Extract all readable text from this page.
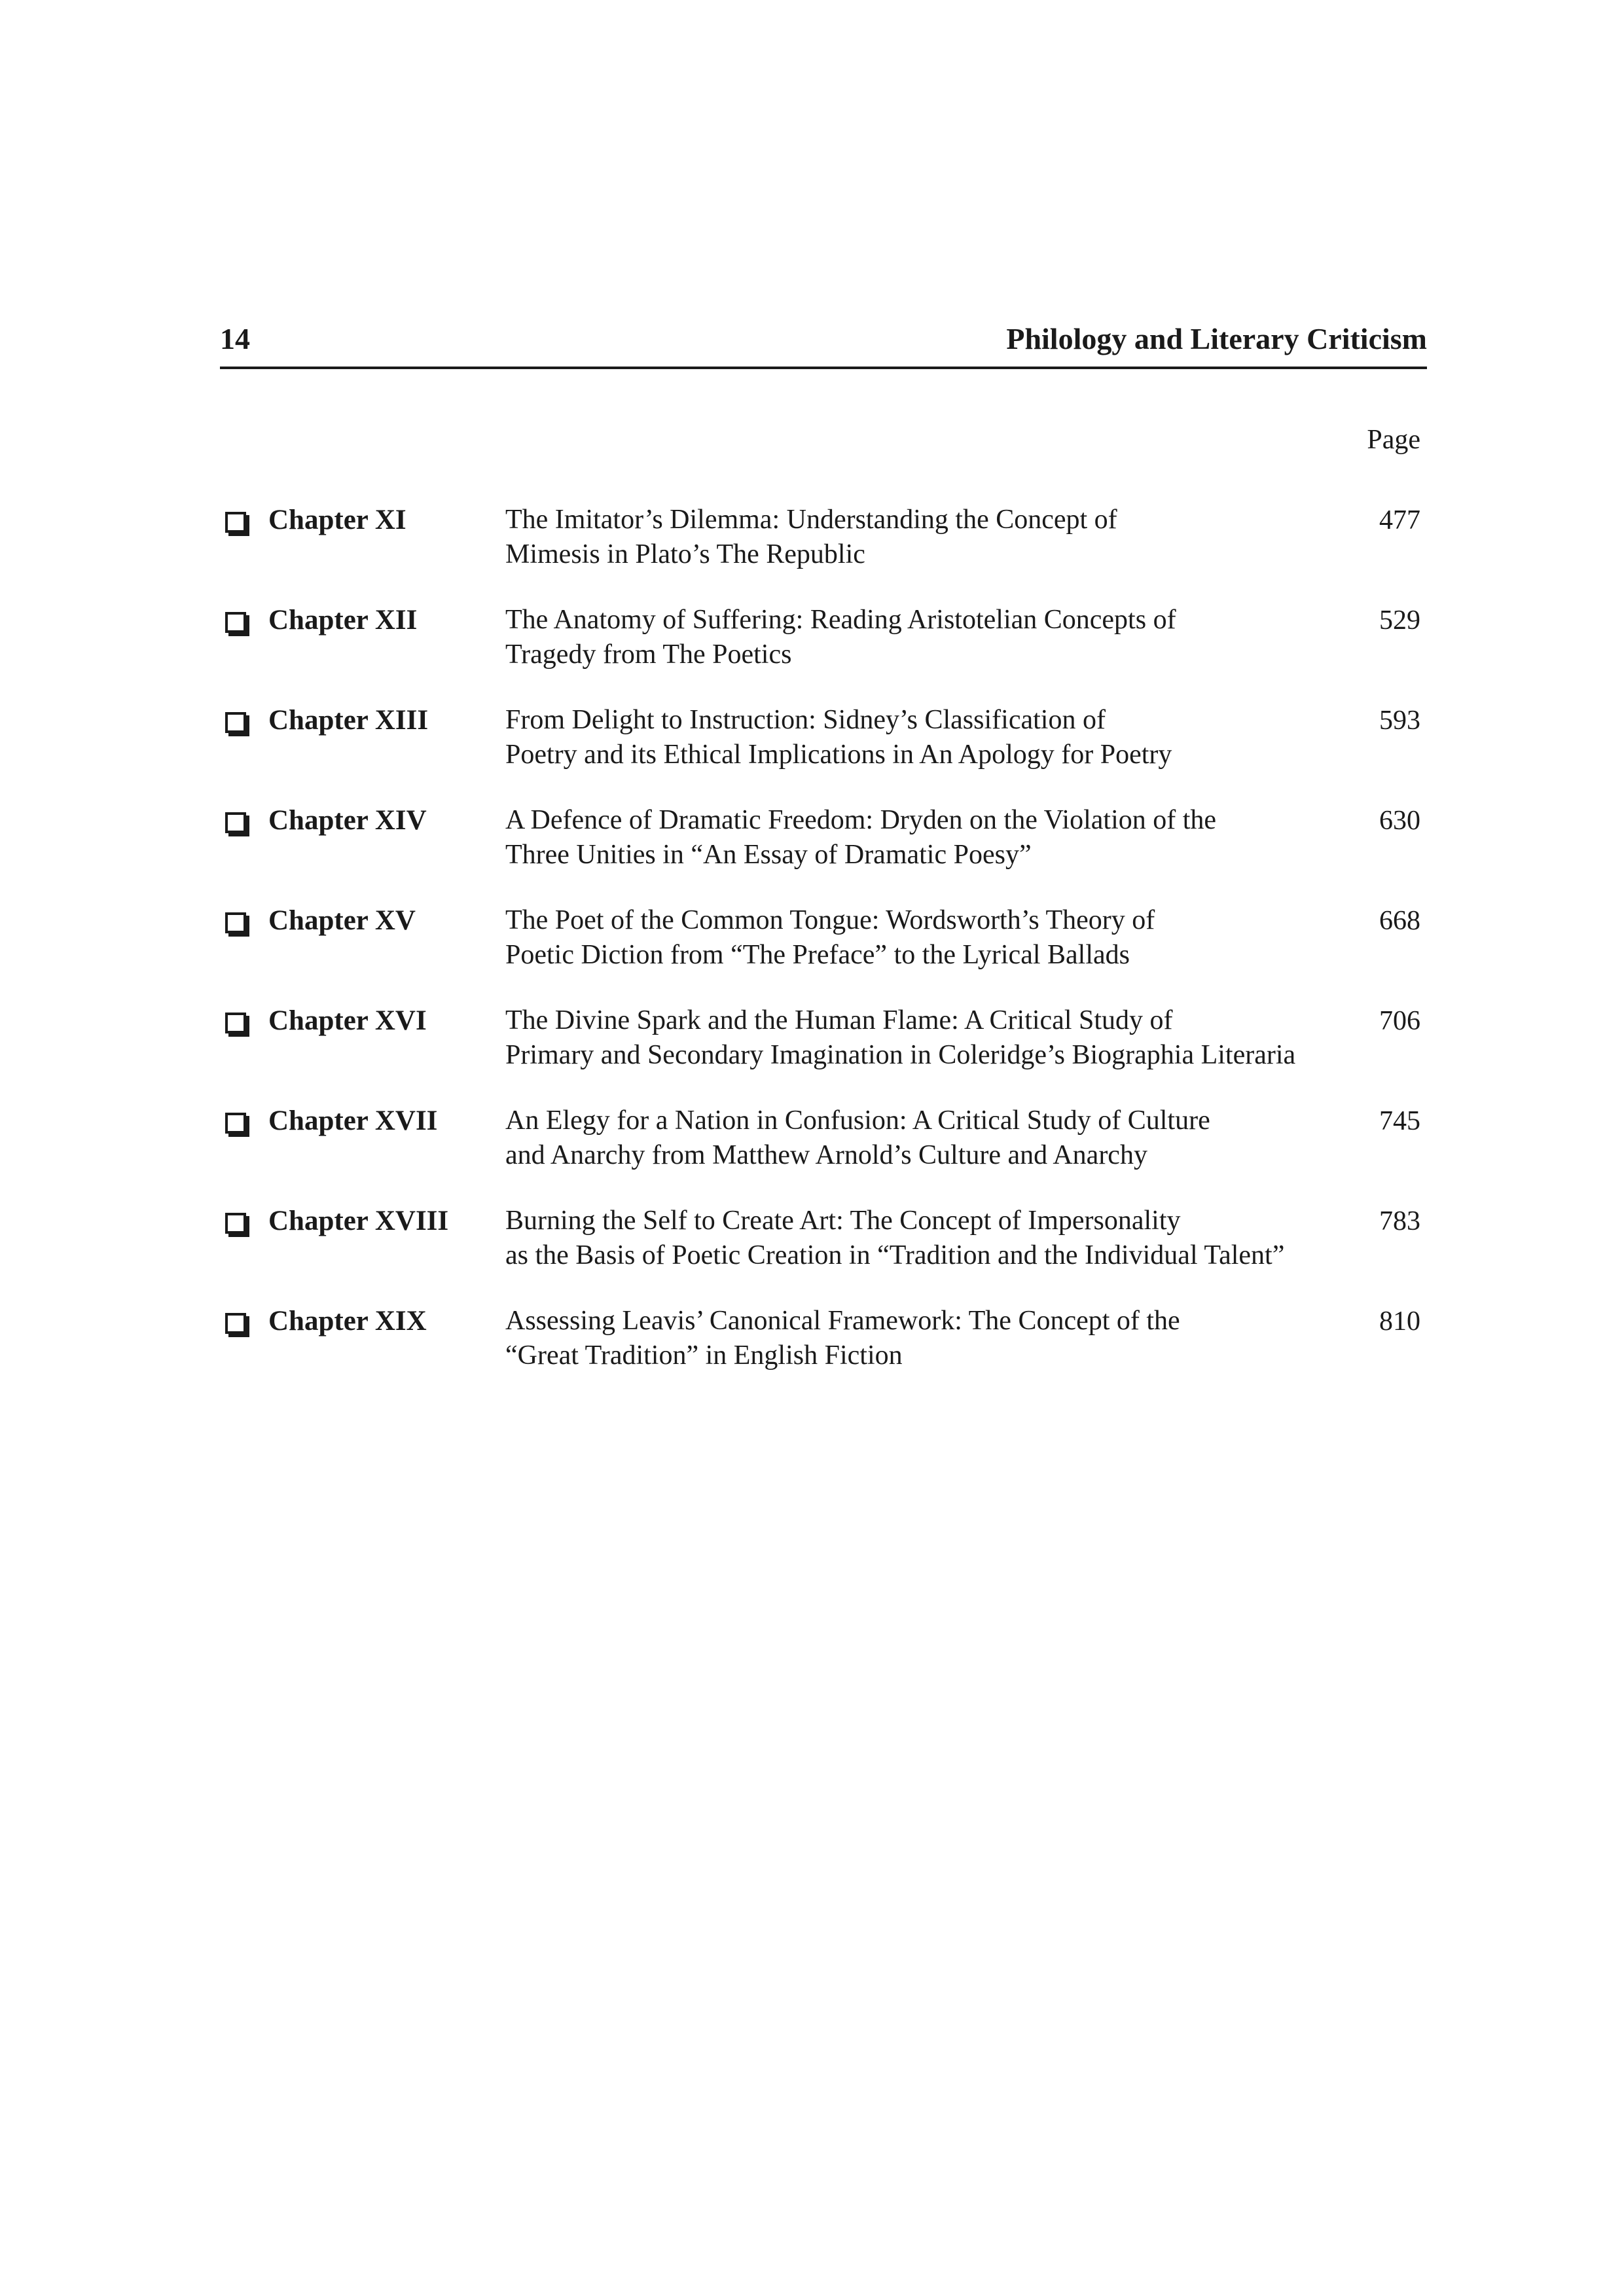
14	Philology and Literary Criticism
Page
Chapter XI	The Imitator’s Dilemma: Understanding the Concept of
Mimesis in Plato’s The Republic
477
Chapter XII	The Anatomy of Suffering: Reading Aristotelian Concepts of
Tragedy from The Poetics
529
Chapter XIII	From Delight to Instruction: Sidney’s Classification of
Poetry and its Ethical Implications in An Apology for Poetry
593
Chapter XIV	A Defence of Dramatic Freedom: Dryden on the Violation of the
Three Unities in “An Essay of Dramatic Poesy”
630
Chapter XV	The Poet of the Common Tongue: Wordsworth’s Theory of
Poetic Diction from “The Preface” to the Lyrical Ballads
668
Chapter XVI	The Divine Spark and the Human Flame: A Critical Study of
Primary and Secondary Imagination in Coleridge’s Biographia Literaria
706
Chapter XVII An Elegy for a Nation in Confusion: A Critical Study of Culture
and Anarchy from Matthew Arnold’s Culture and Anarchy
745
Chapter XVIII Burning the Self to Create Art: The Concept of Impersonality
as the Basis of Poetic Creation in “Tradition and the Individual Talent”
783
Chapter XIX	Assessing Leavis’ Canonical Framework: The Concept of the
“Great Tradition” in English Fiction
810
